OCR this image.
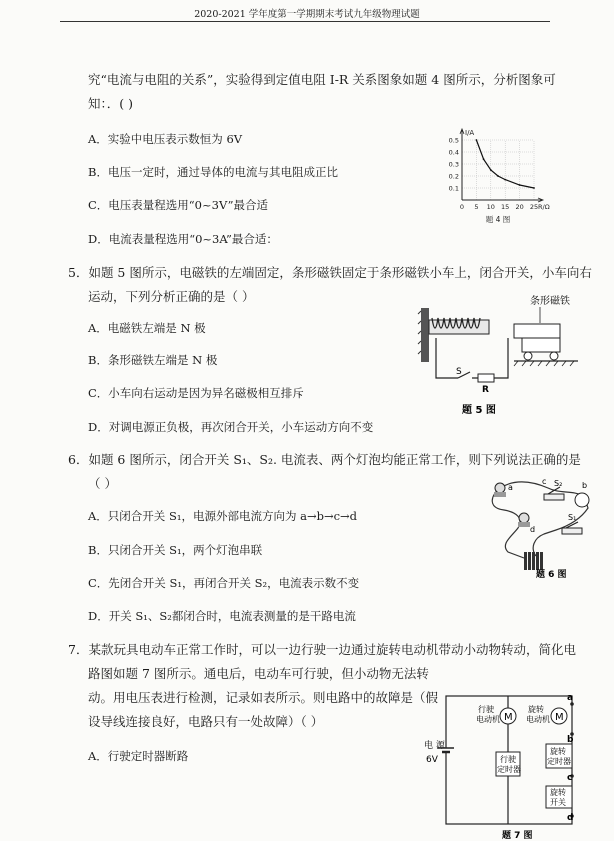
2020-2021 学年度第一学期期末考试九年级物理试题
究“电流与电阻的关系”，实验得到定值电阻 I-R 关系图象如题 4 图所示，分析图象可
知：．( )
A．实验中电压表示数恒为 6V
B．电压一定时，通过导体的电流与其电阻成正比
C．电压表量程选用“0~3V”最合适
D．电流表量程选用“0~3A”最合适：
0.1
0.2
0.3
0.4
0.5
0 5 10 15 20 25
I/A
R/Ω
题 4 图
5．如题 5 图所示，电磁铁的左端固定，条形磁铁固定于条形磁铁小车上，闭合开关，小车向右
运动，下列分析正确的是（ ）
A．电磁铁左端是 N 极
B．条形磁铁左端是 N 极
C．小车向右运动是因为异名磁极相互排斥
D．对调电源正负极，再次闭合开关，小车运动方向不变
S
R
条形磁铁
题 5 图
6．如题 6 图所示，闭合开关 S₁、S₂. 电流表、两个灯泡均能正常工作，则下列说法正确的是
（ ）
A．只闭合开关 S₁，电源外部电流方向为 a→b→c→d
B．只闭合开关 S₁，两个灯泡串联
C．先闭合开关 S₁，再闭合开关 S₂，电流表示数不变
D．开关 S₁、S₂都闭合时，电流表测量的是干路电流
a	b
c
d
S₂
S₁
题 6 图
7．某款玩具电动车正常工作时，可以一边行驶一边通过旋转电动机带动小动物转动，简化电
路图如题 7 图所示。通电后，电动车可行驶，但小动物无法转
动。用电压表进行检测，记录如表所示。则电路中的故障是（假
设导线连接良好，电路只有一处故障）（ ）
A．行驶定时器断路
M
行驶
电动机
行驶
定时器
M
旋转
电动机
旋转
定时器
旋转
开关
a
b
c
d
电 源
6V
题 7 图
